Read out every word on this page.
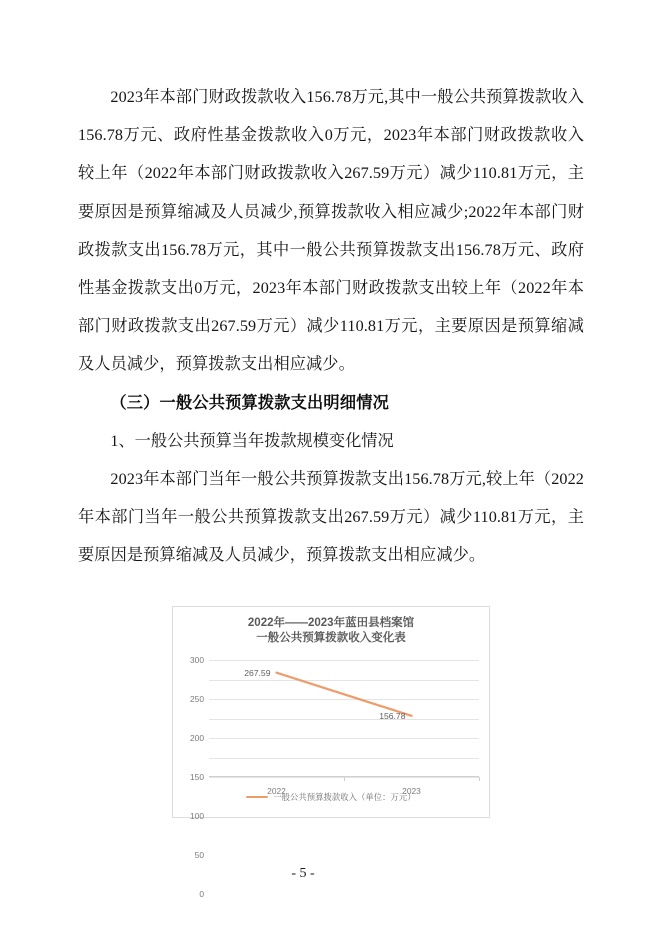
2023年本部门财政拨款收入156.78万元,其中一般公共预算拨款收入156.78万元、政府性基金拨款收入0万元，2023年本部门财政拨款收入较上年（2022年本部门财政拨款收入267.59万元）减少110.81万元，主要原因是预算缩减及人员减少,预算拨款收入相应减少;2022年本部门财政拨款支出156.78万元，其中一般公共预算拨款支出156.78万元、政府性基金拨款支出0万元，2023年本部门财政拨款支出较上年（2022年本部门财政拨款支出267.59万元）减少110.81万元，主要原因是预算缩减及人员减少，预算拨款支出相应减少。

（三）一般公共预算拨款支出明细情况

1、一般公共预算当年拨款规模变化情况

2023年本部门当年一般公共预算拨款支出156.78万元,较上年（2022年本部门当年一般公共预算拨款支出267.59万元）减少110.81万元，主要原因是预算缩减及人员减少，预算拨款支出相应减少。

2022年——2023年蓝田县档案馆
一般公共预算拨款收入变化表
300
250
200
150
100
50
0
2022	2023
267.59
156.78
一般公共预算拨款收入（单位：万元）
- 5 -
